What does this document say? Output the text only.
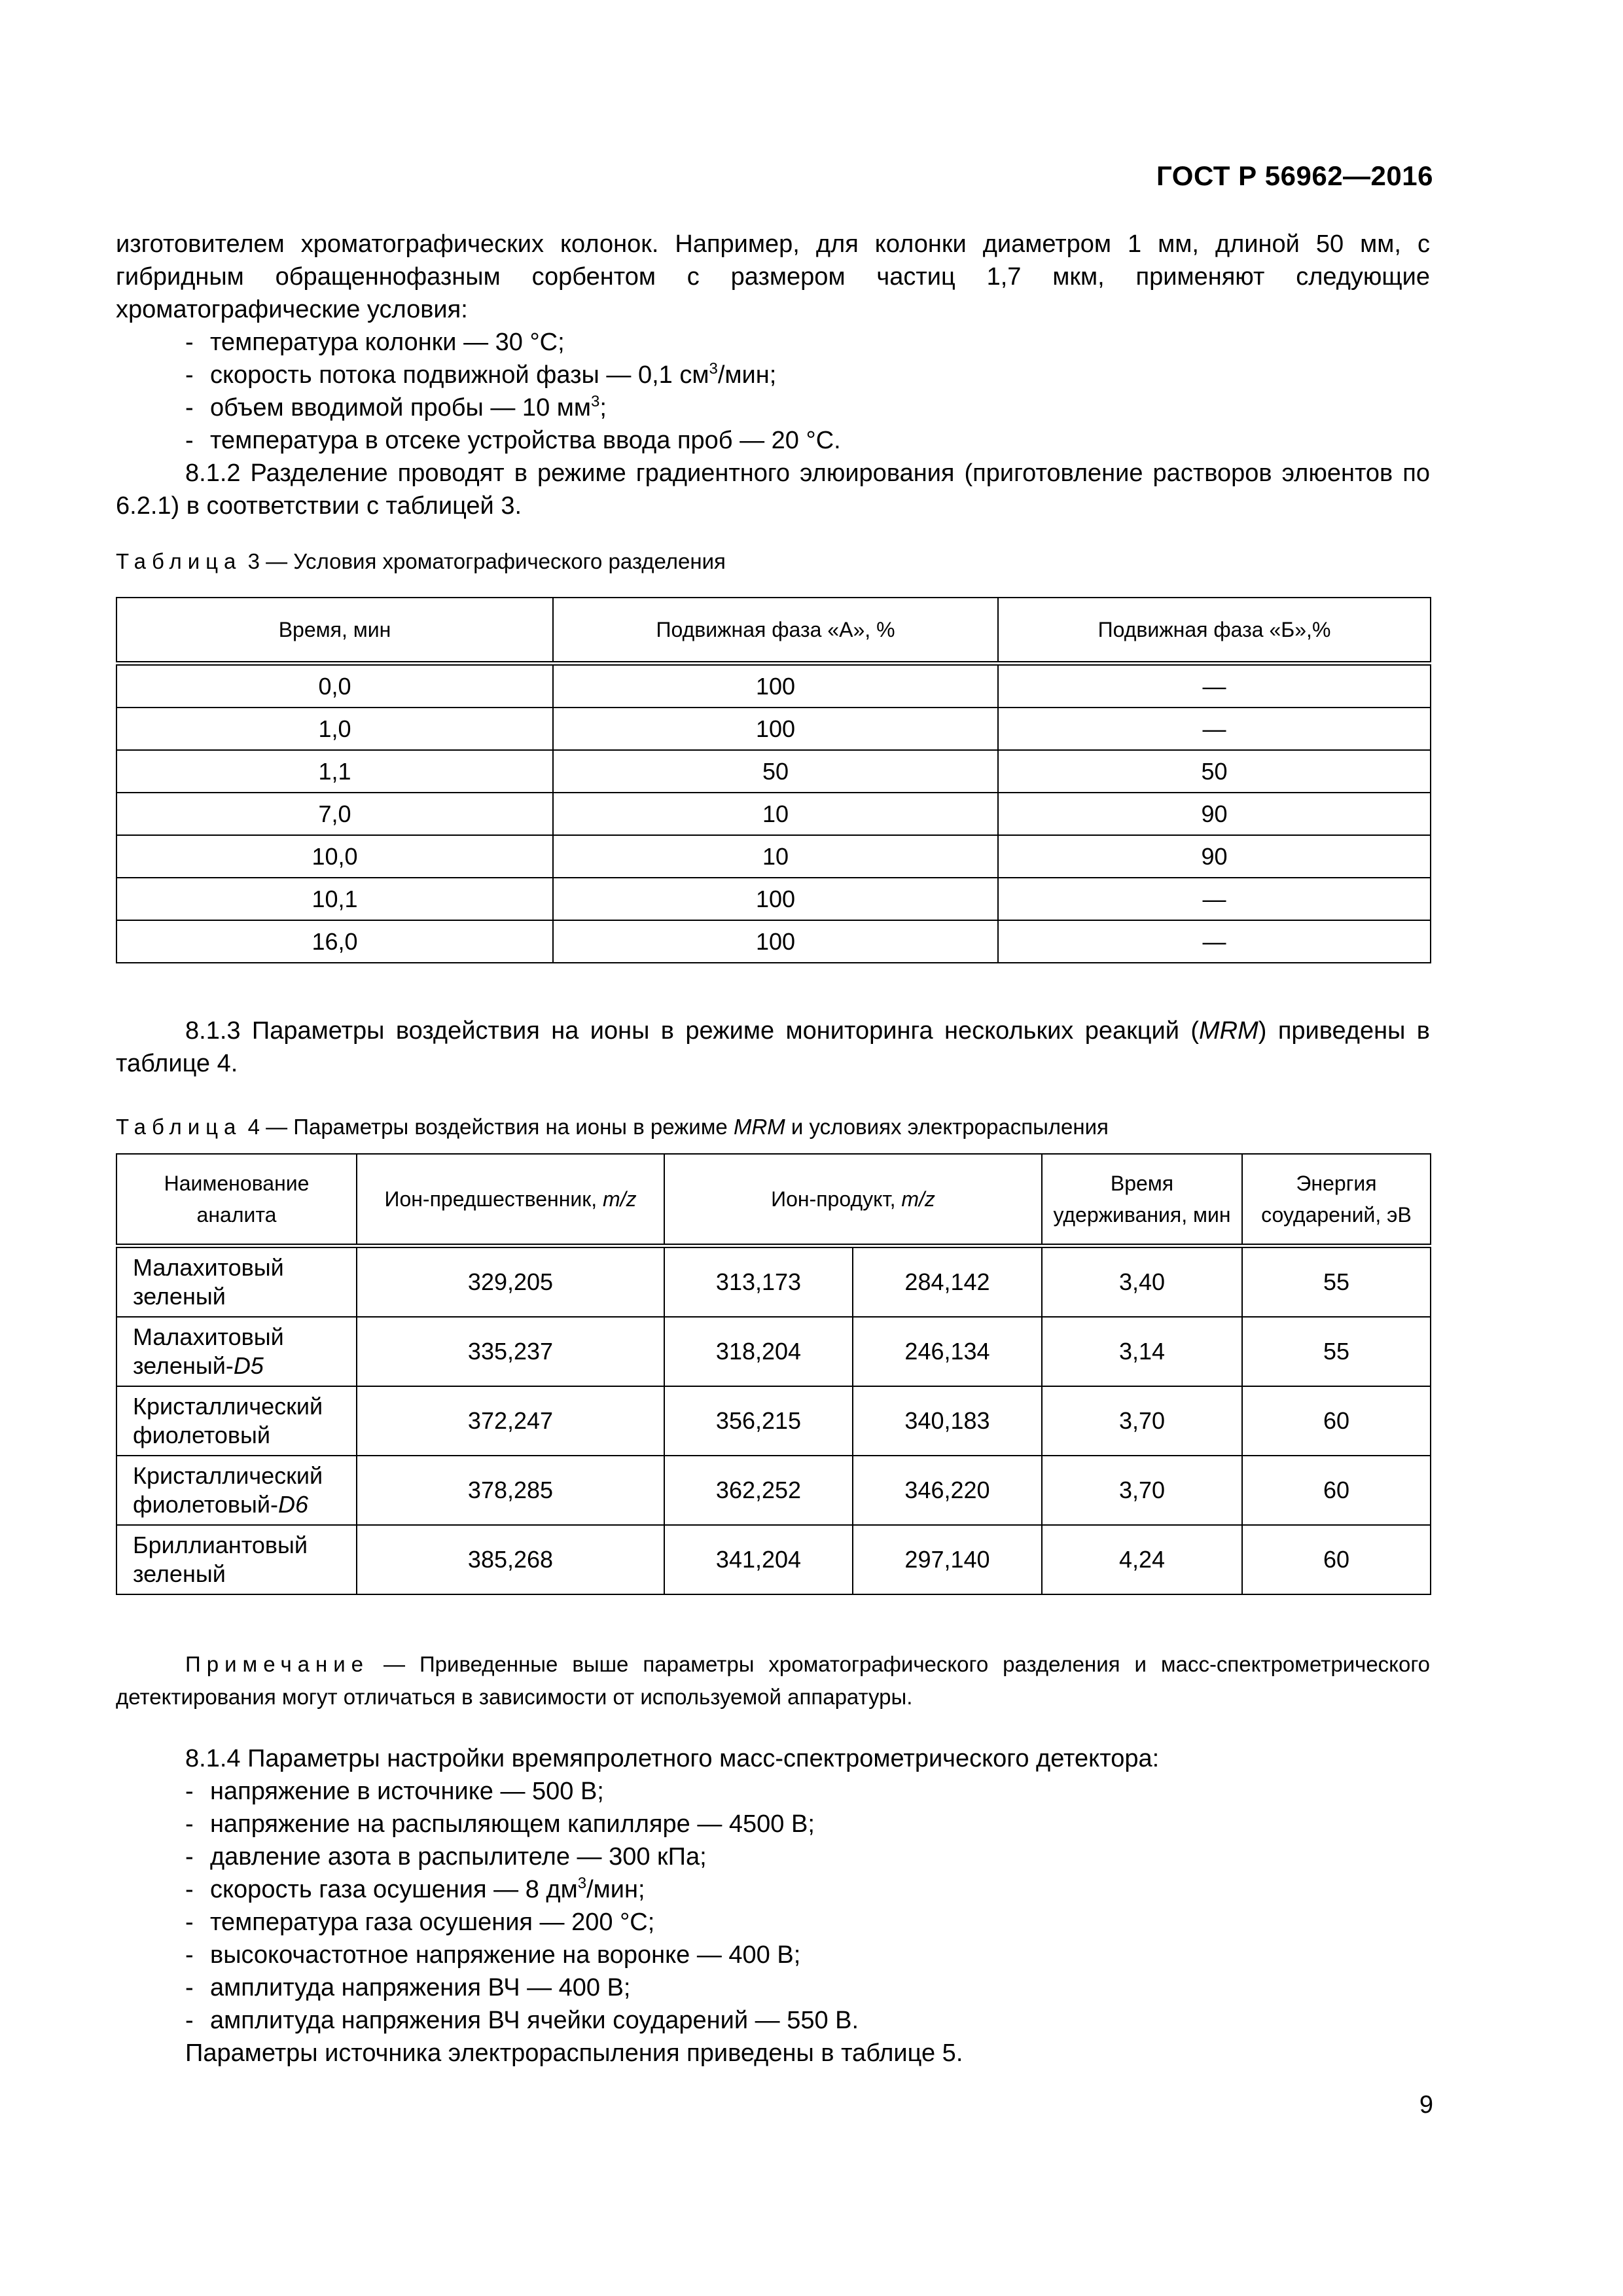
ГОСТ Р 56962—2016

изготовителем хроматографических колонок. Например, для колонки диаметром 1 мм, длиной 50 мм, с гибридным обращеннофазным сорбентом с размером частиц 1,7 мкм, применяют следующие хроматографические условия:

- температура колонки — 30 °С;
- скорость потока подвижной фазы — 0,1 $см^3$/мин;
- объем вводимой пробы — 10 $мм^3$;
- температура в отсеке устройства ввода проб — 20 °С.

8.1.2 Разделение проводят в режиме градиентного элюирования (приготовление растворов элюентов по 6.2.1) в соответствии с таблицей 3.

Таблица 3 — Условия хроматографического разделения
Время, мин	Подвижная фаза «А», %	Подвижная фаза «Б»,%
0,0	100	—
1,0	100	—
1,1	50	50
7,0	10	90
10,0	10	90
10,1	100	—
16,0	100	—

8.1.3 Параметры воздействия на ионы в режиме мониторинга нескольких реакций (MRM) приведены в таблице 4.

Таблица 4 — Параметры воздействия на ионы в режиме MRM и условиях электрораспыления
Наименование аналита	Ион-предшественник, m/z	Ион-продукт, m/z		Время удерживания, мин	Энергия соударений, эВ
Малахитовый зеленый	329,205	313,173	284,142	3,40	55
Малахитовый зеленый-D5	335,237	318,204	246,134	3,14	55
Кристаллический фиолетовый	372,247	356,215	340,183	3,70	60
Кристаллический фиолетовый-D6	378,285	362,252	346,220	3,70	60
Бриллиантовый зеленый	385,268	341,204	297,140	4,24	60

Примечание — Приведенные выше параметры хроматографического разделения и масс-спектрометрического детектирования могут отличаться в зависимости от используемой аппаратуры.

8.1.4 Параметры настройки времяпролетного масс-спектрометрического детектора:

- напряжение в источнике — 500 В;
- напряжение на распыляющем капилляре — 4500 В;
- давление азота в распылителе — 300 кПа;
- скорость газа осушения — 8 $дм^3$/мин;
- температура газа осушения — 200 °С;
- высокочастотное напряжение на воронке — 400 В;
- амплитуда напряжения ВЧ — 400 В;
- амплитуда напряжения ВЧ ячейки соударений — 550 В.

Параметры источника электрораспыления приведены в таблице 5.

9
